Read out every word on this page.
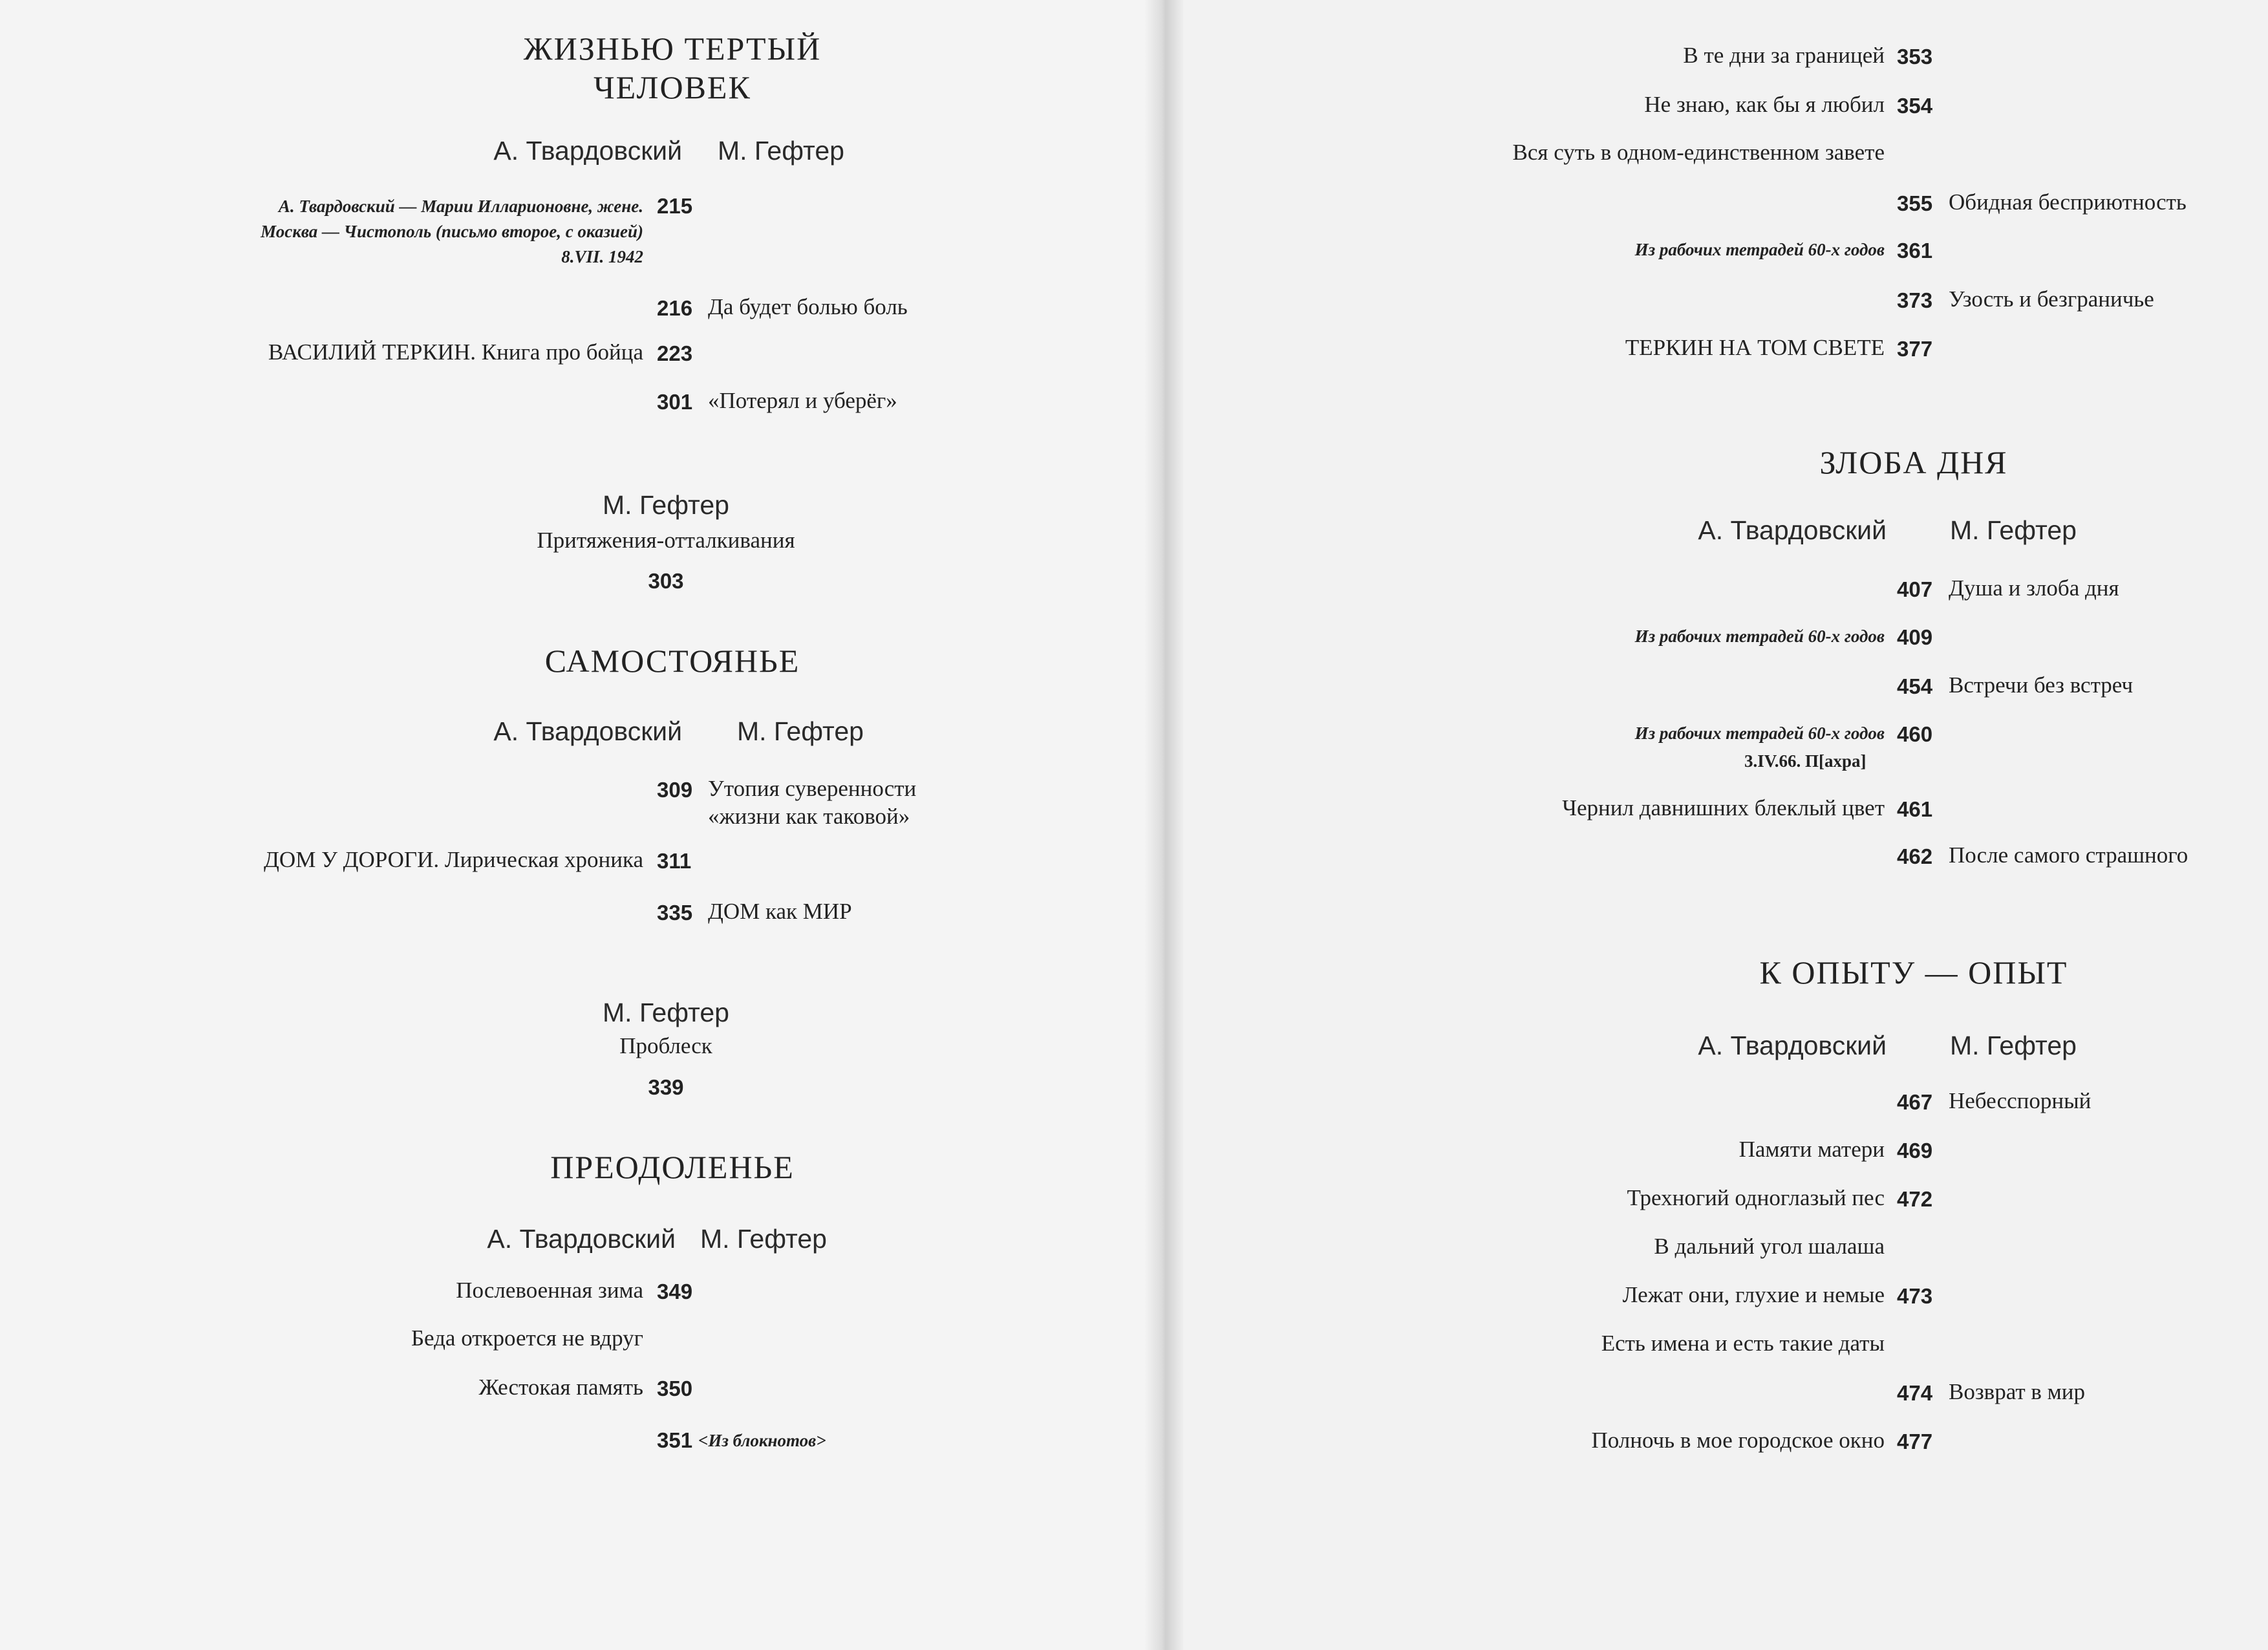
ЖИЗНЬЮ ТЕРТЫЙ
ЧЕЛОВЕК
А. Твардовский М. Гефтер
А. Твардовский — Марии Илларионовне, жене. 215
Москва — Чистополь (письмо второе, с оказией)
8.VII. 1942
216 Да будет болью боль
ВАСИЛИЙ ТЕРКИН. Книга про бойца 223
301 «Потерял и уберёг»
М. Гефтер
Притяжения-отталкивания
303
САМОСТОЯНЬЕ
А. Твардовский М. Гефтер
309 Утопия суверенности
«жизни как таковой»
ДОМ У ДОРОГИ. Лирическая хроника 311
335 ДОМ как МИР
М. Гефтер
Проблеск
339
ПРЕОДОЛЕНЬЕ
А. Твардовский М. Гефтер
Послевоенная зима 349
Беда откроется не вдруг
Жестокая память 350
351 <Из блокнотов>
В те дни за границей 353
Не знаю, как бы я любил 354
Вся суть в одном-единственном завете
355 Обидная бесприютность
Из рабочих тетрадей 60-х годов 361
373 Узость и безграничье
ТЕРКИН НА ТОМ СВЕТЕ 377
ЗЛОБА ДНЯ
А. Твардовский М. Гефтер
407 Душа и злоба дня
Из рабочих тетрадей 60-х годов 409
454 Встречи без встреч
Из рабочих тетрадей 60-х годов 460
3.IV.66. П[ахра]
Чернил давнишних блеклый цвет 461
462 После самого страшного
К ОПЫТУ — ОПЫТ
А. Твардовский М. Гефтер
467 Небесспорный
Памяти матери 469
Трехногий одноглазый пес 472
В дальний угол шалаша
Лежат они, глухие и немые 473
Есть имена и есть такие даты
474 Возврат в мир
Полночь в мое городское окно 477
